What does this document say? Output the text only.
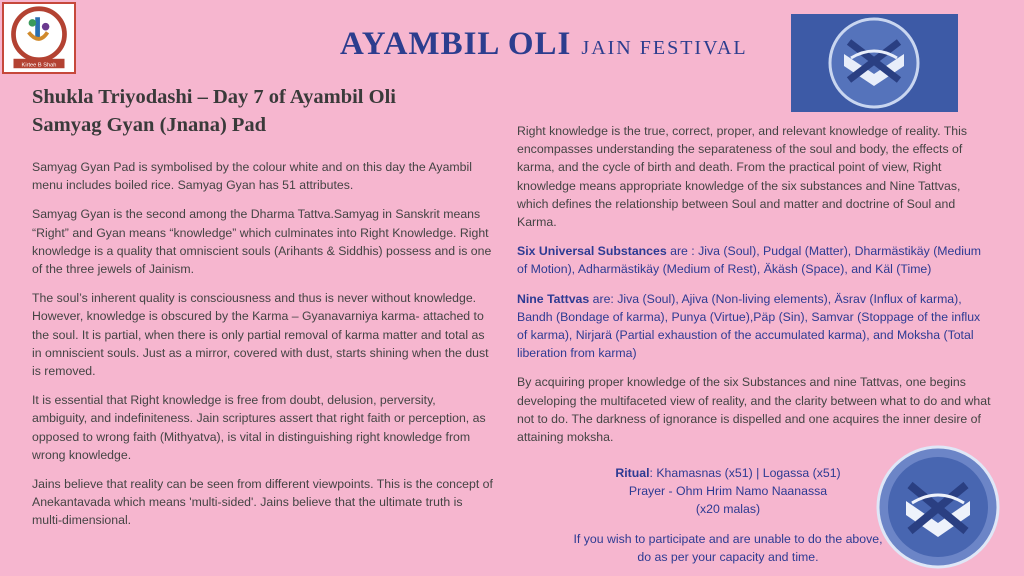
Kirtee B Shah
AYAMBIL OLI JAIN FESTIVAL
Shukla Triyodashi – Day 7 of Ayambil Oli
Samyag Gyan (Jnana) Pad

Samyag Gyan Pad is symbolised by the colour white and on this day the Ayambil menu includes boiled rice. Samyag Gyan has 51 attributes.

Samyag Gyan is the second among the Dharma Tattva.Samyag in Sanskrit means “Right” and Gyan means “knowledge” which culminates into Right Knowledge. Right knowledge is a quality that omniscient souls (Arihants & Siddhis) possess and is one of the three jewels of Jainism.

The soul’s inherent quality is consciousness and thus is never without knowledge. However, knowledge is obscured by the Karma – Gyanavarniya karma- attached to the soul. It is partial, when there is only partial removal of karma matter and total as in omniscient souls. Just as a mirror, covered with dust, starts shining when the dust is removed.

It is essential that Right knowledge is free from doubt, delusion, perversity, ambiguity, and indefiniteness. Jain scriptures assert that right faith or perception, as opposed to wrong faith (Mithyatva), is vital in distinguishing right knowledge from wrong knowledge.

Jains believe that reality can be seen from different viewpoints. This is the concept of Anekantavada which means 'multi-sided'. Jains believe that the ultimate truth is multi-dimensional.

Right knowledge is the true, correct, proper, and relevant knowledge of reality. This encompasses understanding the separateness of the soul and body, the effects of karma, and the cycle of birth and death. From the practical point of view, Right knowledge means appropriate knowledge of the six substances and Nine Tattvas, which defines the relationship between Soul and matter and doctrine of Soul and Karma.

Six Universal Substances are : Jiva (Soul), Pudgal (Matter), Dharmästikäy (Medium of Motion), Adharmästikäy (Medium of Rest), Äkäsh (Space), and Käl (Time)

Nine Tattvas are: Jiva (Soul), Ajiva (Non-living elements), Äsrav (Influx of karma), Bandh (Bondage of karma), Punya (Virtue),Päp (Sin), Samvar (Stoppage of the influx of karma), Nirjarä (Partial exhaustion of the accumulated karma), and Moksha (Total liberation from karma)

By acquiring proper knowledge of the six Substances and nine Tattvas, one begins developing the multifaceted view of reality, and the clarity between what to do and what not to do. The darkness of ignorance is dispelled and one acquires the inner desire of attaining moksha.

Ritual: Khamasnas (x51) | Logassa (x51)
Prayer - Ohm Hrim Namo Naanassa
(x20 malas)
If you wish to participate and are unable to do the above, do as per your capacity and time.
